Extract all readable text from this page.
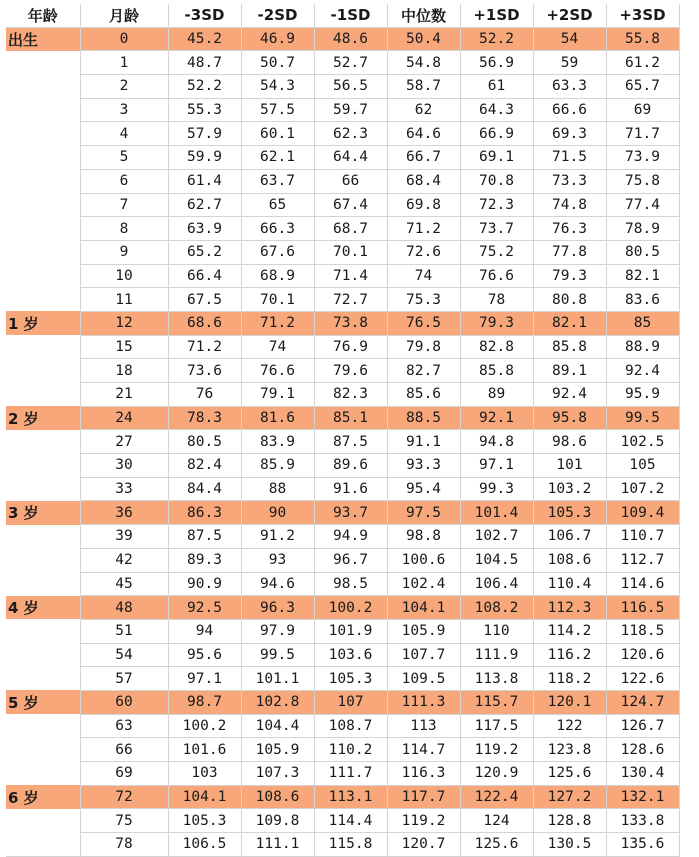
年龄	月龄	-3SD	-2SD	-1SD	中位数	+1SD	+2SD	+3SD
出生	0	45.2	46.9	48.6	50.4	52.2	54	55.8
	1	48.7	50.7	52.7	54.8	56.9	59	61.2
	2	52.2	54.3	56.5	58.7	61	63.3	65.7
	3	55.3	57.5	59.7	62	64.3	66.6	69
	4	57.9	60.1	62.3	64.6	66.9	69.3	71.7
	5	59.9	62.1	64.4	66.7	69.1	71.5	73.9
	6	61.4	63.7	66	68.4	70.8	73.3	75.8
	7	62.7	65	67.4	69.8	72.3	74.8	77.4
	8	63.9	66.3	68.7	71.2	73.7	76.3	78.9
	9	65.2	67.6	70.1	72.6	75.2	77.8	80.5
	10	66.4	68.9	71.4	74	76.6	79.3	82.1
	11	67.5	70.1	72.7	75.3	78	80.8	83.6
1 岁	12	68.6	71.2	73.8	76.5	79.3	82.1	85
	15	71.2	74	76.9	79.8	82.8	85.8	88.9
	18	73.6	76.6	79.6	82.7	85.8	89.1	92.4
	21	76	79.1	82.3	85.6	89	92.4	95.9
2 岁	24	78.3	81.6	85.1	88.5	92.1	95.8	99.5
	27	80.5	83.9	87.5	91.1	94.8	98.6	102.5
	30	82.4	85.9	89.6	93.3	97.1	101	105
	33	84.4	88	91.6	95.4	99.3	103.2	107.2
3 岁	36	86.3	90	93.7	97.5	101.4	105.3	109.4
	39	87.5	91.2	94.9	98.8	102.7	106.7	110.7
	42	89.3	93	96.7	100.6	104.5	108.6	112.7
	45	90.9	94.6	98.5	102.4	106.4	110.4	114.6
4 岁	48	92.5	96.3	100.2	104.1	108.2	112.3	116.5
	51	94	97.9	101.9	105.9	110	114.2	118.5
	54	95.6	99.5	103.6	107.7	111.9	116.2	120.6
	57	97.1	101.1	105.3	109.5	113.8	118.2	122.6
5 岁	60	98.7	102.8	107	111.3	115.7	120.1	124.7
	63	100.2	104.4	108.7	113	117.5	122	126.7
	66	101.6	105.9	110.2	114.7	119.2	123.8	128.6
	69	103	107.3	111.7	116.3	120.9	125.6	130.4
6 岁	72	104.1	108.6	113.1	117.7	122.4	127.2	132.1
	75	105.3	109.8	114.4	119.2	124	128.8	133.8
	78	106.5	111.1	115.8	120.7	125.6	130.5	135.6
